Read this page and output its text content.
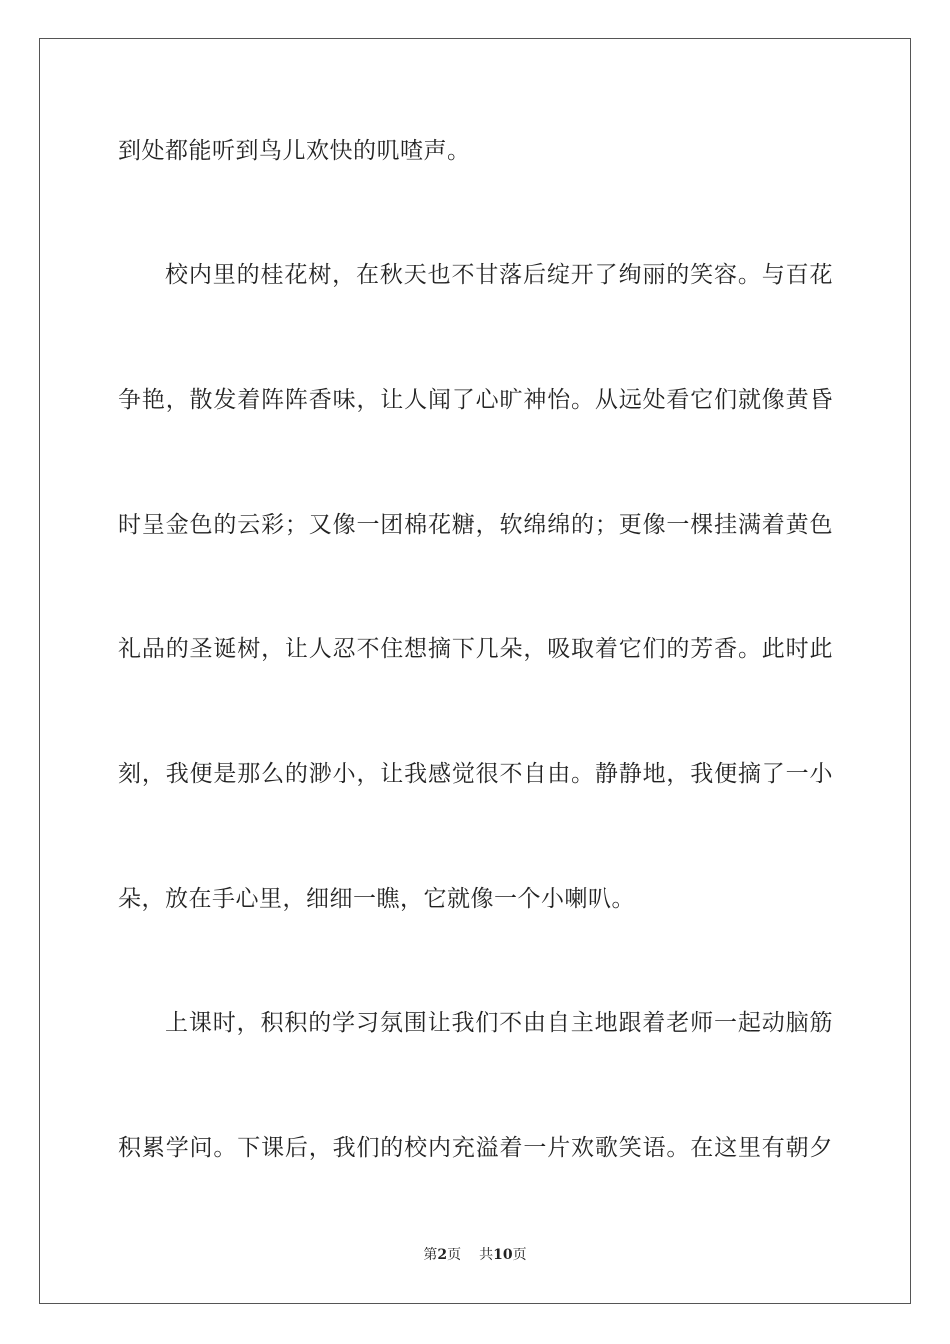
到处都能听到鸟儿欢快的叽喳声。
校内里的桂花树，在秋天也不甘落后绽开了绚丽的笑容。与百花
争艳，散发着阵阵香味，让人闻了心旷神怡。从远处看它们就像黄昏
时呈金色的云彩；又像一团棉花糖，软绵绵的；更像一棵挂满着黄色
礼品的圣诞树，让人忍不住想摘下几朵，吸取着它们的芳香。此时此
刻，我便是那么的渺小，让我感觉很不自由。静静地，我便摘了一小
朵，放在手心里，细细一瞧，它就像一个小喇叭。
上课时，积积的学习氛围让我们不由自主地跟着老师一起动脑筋
积累学问。下课后，我们的校内充溢着一片欢歌笑语。在这里有朝夕
第2页 共10页
